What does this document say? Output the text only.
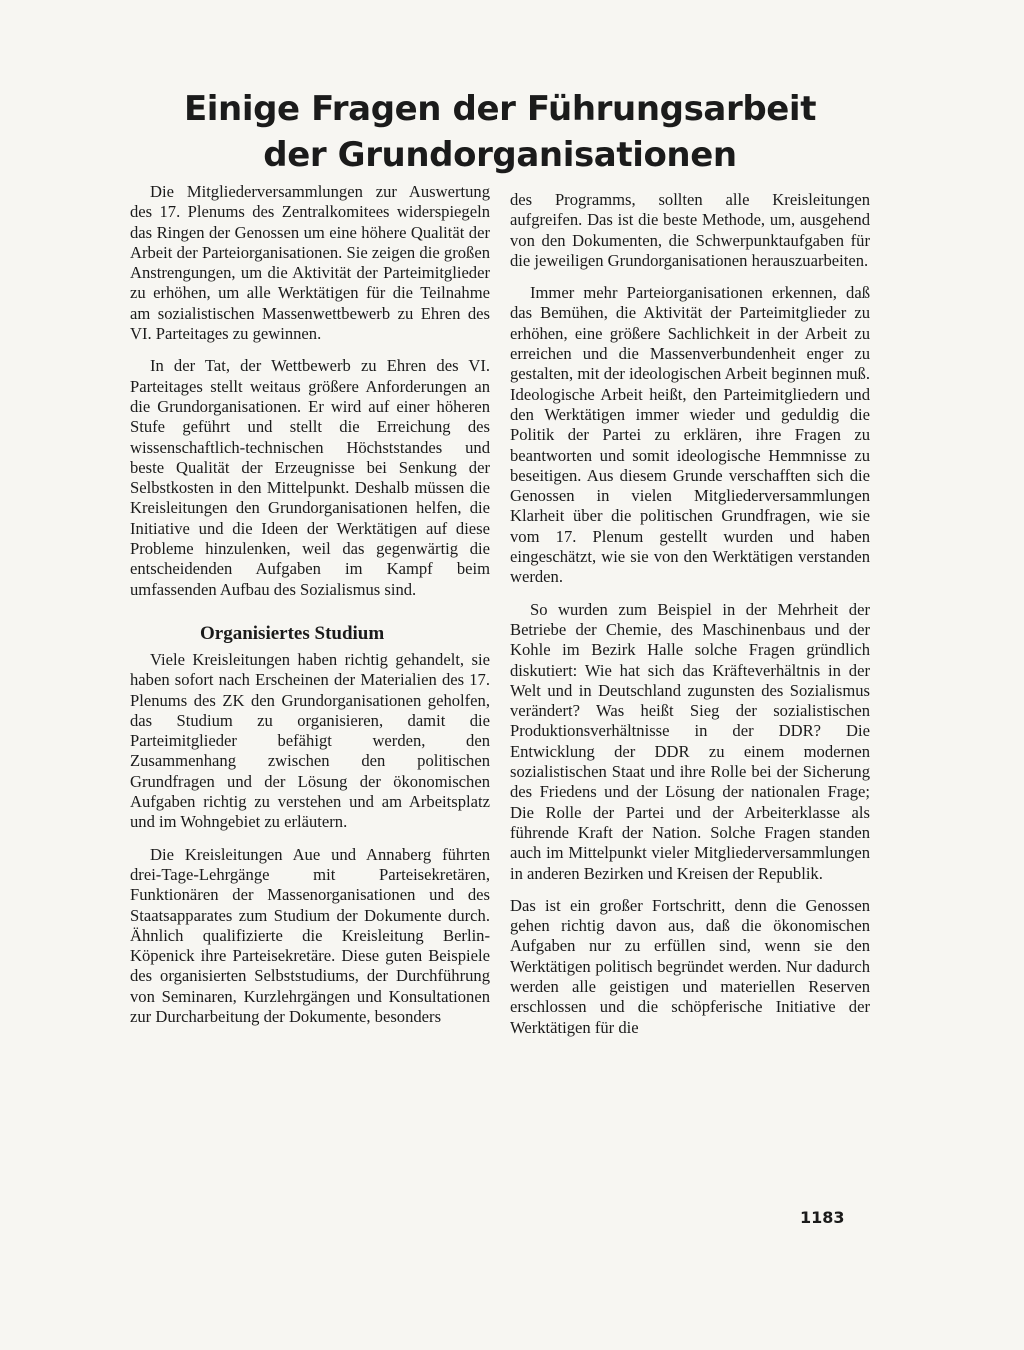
Einige Fragen der Führungsarbeit
der Grundorganisationen

Die Mitgliederversammlungen zur Auswertung des 17. Plenums des Zentralkomitees widerspiegeln das Ringen der Genossen um eine höhere Qualität der Arbeit der Parteiorganisationen. Sie zeigen die großen Anstrengungen, um die Aktivität der Parteimitglieder zu erhöhen, um alle Werktätigen für die Teilnahme am sozialistischen Massenwettbewerb zu Ehren des VI. Parteitages zu gewinnen.

In der Tat, der Wettbewerb zu Ehren des VI. Parteitages stellt weitaus größere Anforderungen an die Grundorganisationen. Er wird auf einer höheren Stufe geführt und stellt die Erreichung des wissenschaftlich-technischen Höchststandes und beste Qualität der Erzeugnisse bei Senkung der Selbstkosten in den Mittelpunkt. Deshalb müssen die Kreisleitungen den Grundorganisationen helfen, die Initiative und die Ideen der Werktätigen auf diese Probleme hinzulenken, weil das gegenwärtig die entscheidenden Aufgaben im Kampf beim umfassenden Aufbau des Sozialismus sind.

Organisiertes Studium

Viele Kreisleitungen haben richtig gehandelt, sie haben sofort nach Erscheinen der Materialien des 17. Plenums des ZK den Grundorganisationen geholfen, das Studium zu organisieren, damit die Parteimitglieder befähigt werden, den Zusammenhang zwischen den politischen Grundfragen und der Lösung der ökonomischen Aufgaben richtig zu verstehen und am Arbeitsplatz und im Wohngebiet zu erläutern.

Die Kreisleitungen Aue und Annaberg führten drei-Tage-Lehrgänge mit Parteisekretären, Funktionären der Massenorganisationen und des Staatsapparates zum Studium der Dokumente durch. Ähnlich qualifizierte die Kreisleitung Berlin-Köpenick ihre Parteisekretäre. Diese guten Beispiele des organisierten Selbststudiums, der Durchführung von Seminaren, Kurzlehrgängen und Konsultationen zur Durcharbeitung der Dokumente, besonders

des Programms, sollten alle Kreisleitungen aufgreifen. Das ist die beste Methode, um, ausgehend von den Dokumenten, die Schwerpunktaufgaben für die jeweiligen Grundorganisationen herauszuarbeiten.

Immer mehr Parteiorganisationen erkennen, daß das Bemühen, die Aktivität der Parteimitglieder zu erhöhen, eine größere Sachlichkeit in der Arbeit zu erreichen und die Massenverbundenheit enger zu gestalten, mit der ideologischen Arbeit beginnen muß. Ideologische Arbeit heißt, den Parteimitgliedern und den Werktätigen immer wieder und geduldig die Politik der Partei zu erklären, ihre Fragen zu beantworten und somit ideologische Hemmnisse zu beseitigen. Aus diesem Grunde verschafften sich die Genossen in vielen Mitgliederversammlungen Klarheit über die politischen Grundfragen, wie sie vom 17. Plenum gestellt wurden und haben eingeschätzt, wie sie von den Werktätigen verstanden werden.

So wurden zum Beispiel in der Mehrheit der Betriebe der Chemie, des Maschinenbaus und der Kohle im Bezirk Halle solche Fragen gründlich diskutiert: Wie hat sich das Kräfteverhältnis in der Welt und in Deutschland zugunsten des Sozialismus verändert? Was heißt Sieg der sozialistischen Produktionsverhältnisse in der DDR? Die Entwicklung der DDR zu einem modernen sozialistischen Staat und ihre Rolle bei der Sicherung des Friedens und der Lösung der nationalen Frage; Die Rolle der Partei und der Arbeiterklasse als führende Kraft der Nation. Solche Fragen standen auch im Mittelpunkt vieler Mitgliederversammlungen in anderen Bezirken und Kreisen der Republik.

Das ist ein großer Fortschritt, denn die Genossen gehen richtig davon aus, daß die ökonomischen Aufgaben nur zu erfüllen sind, wenn sie den Werktätigen politisch begründet werden. Nur dadurch werden alle geistigen und materiellen Reserven erschlossen und die schöpferische Initiative der Werktätigen für die

1183
